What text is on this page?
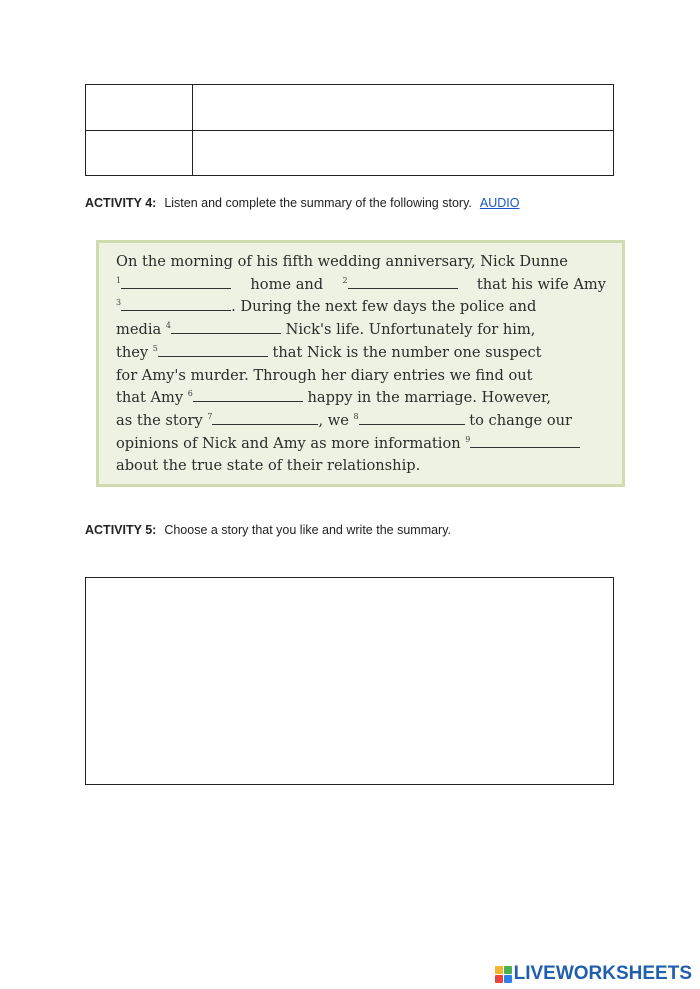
ACTIVITY 4: Listen and complete the summary of the following story. AUDIO
On the morning of his fifth wedding anniversary, Nick Dunne
$^1$	home and $^2$	that his wife Amy
$^3$	. During the next few days the police and
media $^4$	Nick's life. Unfortunately for him,
they $^5$	that Nick is the number one suspect
for Amy's murder. Through her diary entries we find out
that Amy $^6$	happy in the marriage. However,
as the story $^7$	, we $^8$	to change our
opinions of Nick and Amy as more information $^9$
about the true state of their relationship.
ACTIVITY 5: Choose a story that you like and write the summary.
LIVEWORKSHEETS
